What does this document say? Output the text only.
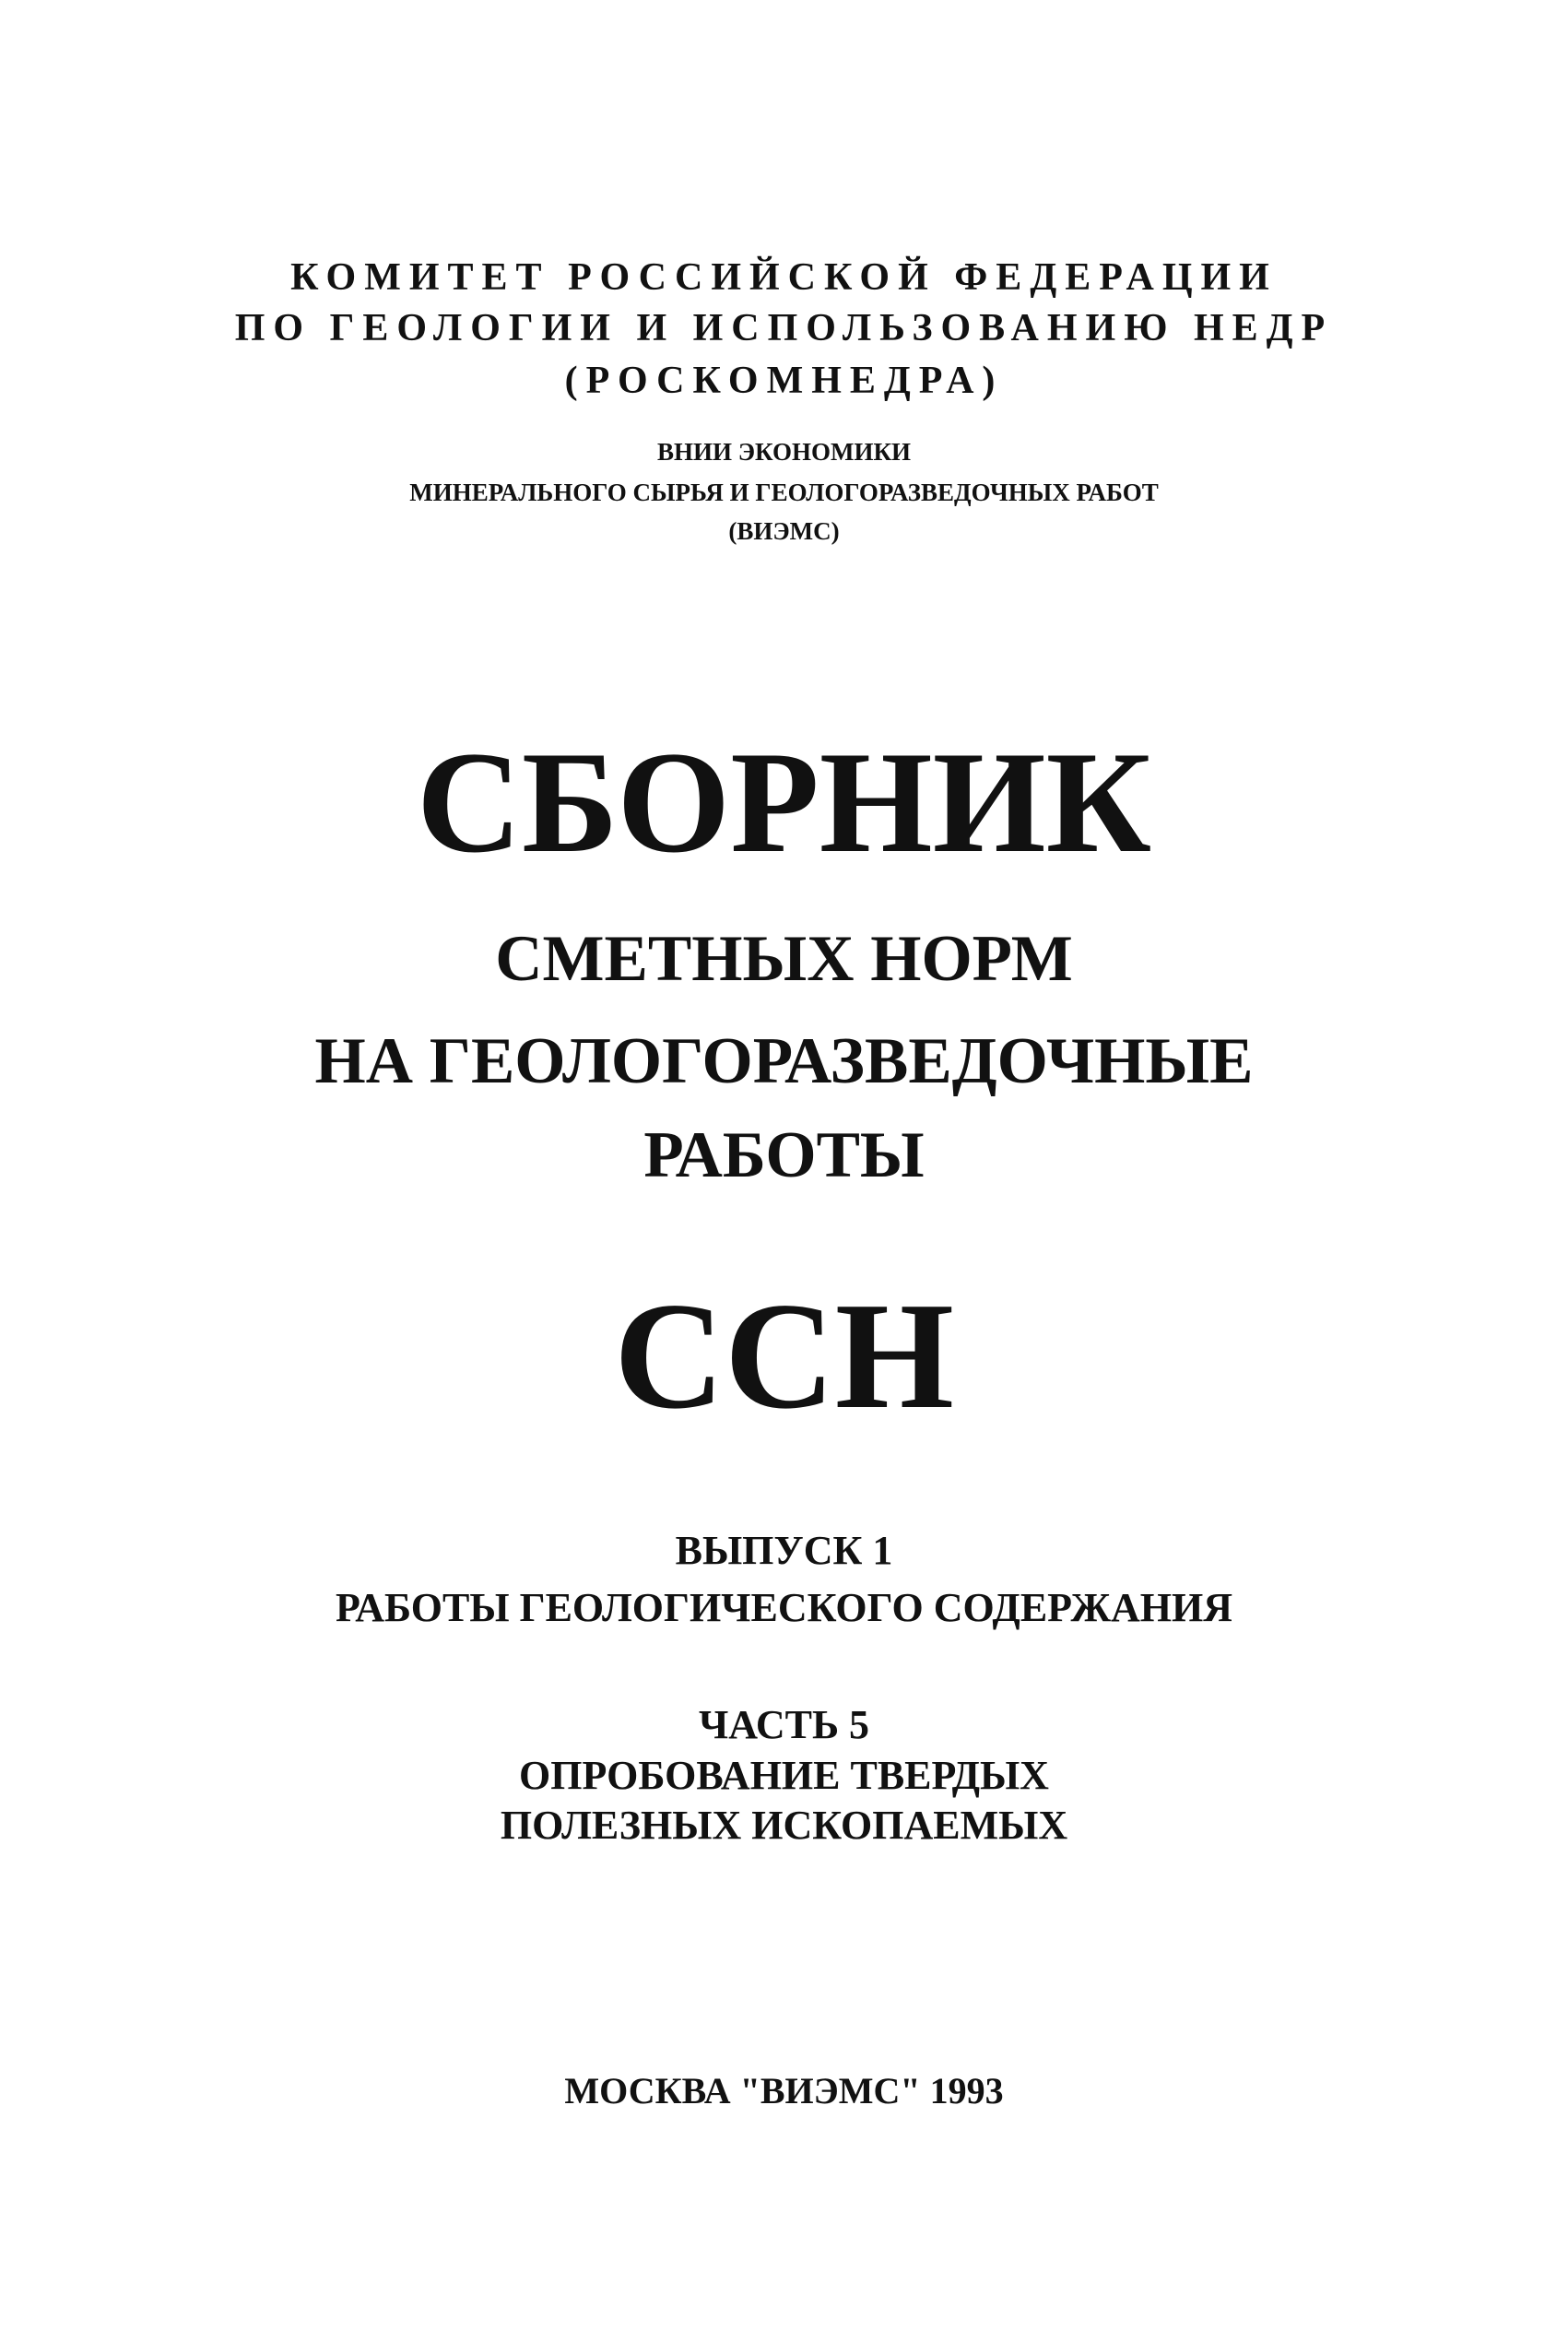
КОМИТЕТ РОССИЙСКОЙ ФЕДЕРАЦИИ
ПО ГЕОЛОГИИ И ИСПОЛЬЗОВАНИЮ НЕДР
(РОСКОМНЕДРА)
ВНИИ ЭКОНОМИКИ
МИНЕРАЛЬНОГО СЫРЬЯ И ГЕОЛОГОРАЗВЕДОЧНЫХ РАБОТ
(ВИЭМС)
СБОРНИК
СМЕТНЫХ НОРМ
НА ГЕОЛОГОРАЗВЕДОЧНЫЕ
РАБОТЫ
ССН
ВЫПУСК 1
РАБОТЫ ГЕОЛОГИЧЕСКОГО СОДЕРЖАНИЯ
ЧАСТЬ 5
ОПРОБОВАНИЕ ТВЕРДЫХ
ПОЛЕЗНЫХ ИСКОПАЕМЫХ
МОСКВА "ВИЭМС" 1993
